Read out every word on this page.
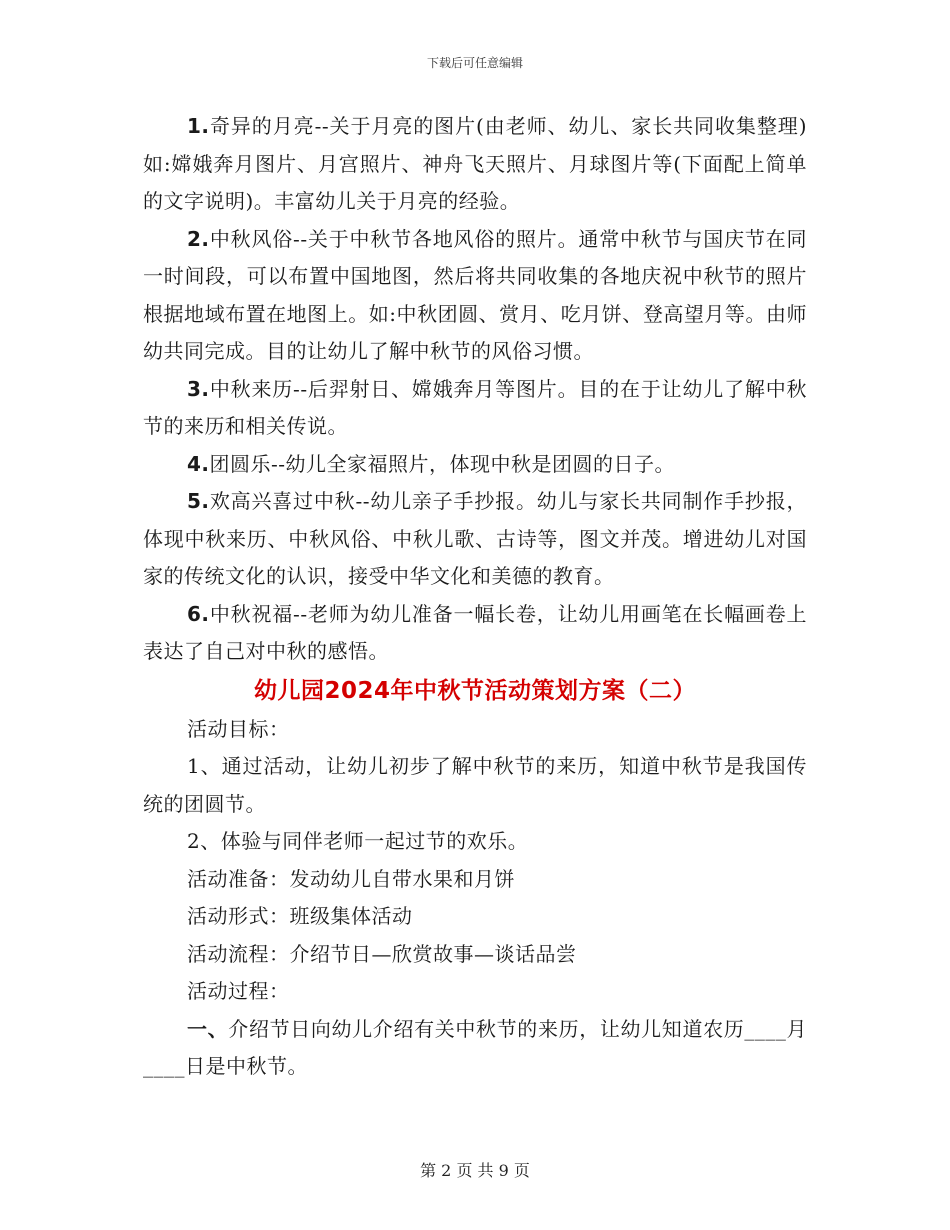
下载后可任意编辑

1.奇异的月亮--关于月亮的图片(由老师、幼儿、家长共同收集整理)如:嫦娥奔月图片、月宫照片、神舟飞天照片、月球图片等(下面配上简单的文字说明)。丰富幼儿关于月亮的经验。

2.中秋风俗--关于中秋节各地风俗的照片。通常中秋节与国庆节在同一时间段，可以布置中国地图，然后将共同收集的各地庆祝中秋节的照片根据地域布置在地图上。如:中秋团圆、赏月、吃月饼、登高望月等。由师幼共同完成。目的让幼儿了解中秋节的风俗习惯。

3.中秋来历--后羿射日、嫦娥奔月等图片。目的在于让幼儿了解中秋节的来历和相关传说。

4.团圆乐--幼儿全家福照片，体现中秋是团圆的日子。

5.欢高兴喜过中秋--幼儿亲子手抄报。幼儿与家长共同制作手抄报，体现中秋来历、中秋风俗、中秋儿歌、古诗等，图文并茂。增进幼儿对国家的传统文化的认识，接受中华文化和美德的教育。

6.中秋祝福--老师为幼儿准备一幅长卷，让幼儿用画笔在长幅画卷上表达了自己对中秋的感悟。

幼儿园2024年中秋节活动策划方案（二）

活动目标：

1、通过活动，让幼儿初步了解中秋节的来历，知道中秋节是我国传统的团圆节。

2、体验与同伴老师一起过节的欢乐。

活动准备：发动幼儿自带水果和月饼

活动形式：班级集体活动

活动流程：介绍节日—欣赏故事—谈话品尝

活动过程：

一、介绍节日向幼儿介绍有关中秋节的来历，让幼儿知道农历____月____日是中秋节。

第 2 页 共 9 页
